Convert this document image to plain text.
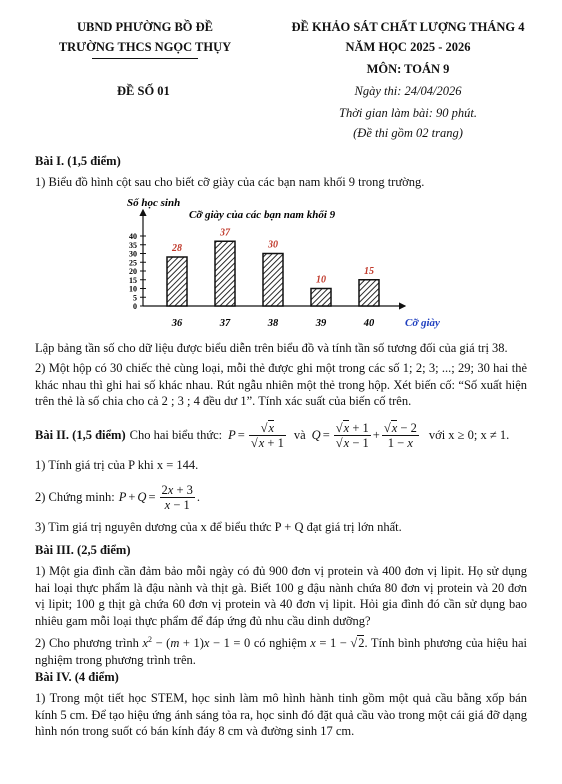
UBND PHƯỜNG BỒ ĐỀ
TRƯỜNG THCS NGỌC THỤY
ĐỀ KHẢO SÁT CHẤT LƯỢNG THÁNG 4
NĂM HỌC 2025 - 2026
MÔN: TOÁN 9
ĐỀ SỐ 01	Ngày thi: 24/04/2026
Thời gian làm bài: 90 phút.
(Đề thi gồm 02 trang)
Bài I. (1,5 điểm)
1) Biểu đồ hình cột sau cho biết cỡ giày của các bạn nam khối 9 trong trường.
Số học sinh
Cỡ giày của các bạn nam khối 9
Cỡ giày
0
5
10
15
20
25
30
35
40
28
36
37
37
30
38
10
39
15
40
Lập bảng tần số cho dữ liệu được biểu diễn trên biểu đồ và tính tần số tương đối của giá trị 38.
2) Một hộp có 30 chiếc thẻ cùng loại, mỗi thẻ được ghi một trong các số 1; 2; 3; ...; 29; 30 hai thẻ khác nhau thì ghi hai số khác nhau. Rút ngẫu nhiên một thẻ trong hộp. Xét biến cố: “Số xuất hiện trên thẻ là số chia cho cả 2 ; 3 ; 4 đều dư 1”. Tính xác suất của biến cố trên.
Bài II. (1,5 điểm) Cho hai biểu thức: $P = \frac{√x}{√x + 1}$ và $Q = \frac{√x + 1}{√x - 1} + \frac{√x - 2}{1 - x}$ với x ≥ 0; x ≠ 1.
1) Tính giá trị của P khi x = 144.
2) Chứng minh: $P + Q = \frac{2x + 3}{x - 1}$ .
3) Tìm giá trị nguyên dương của x để biểu thức P + Q đạt giá trị lớn nhất.
Bài III. (2,5 điểm)
1) Một gia đình cần đảm bảo mỗi ngày có đủ 900 đơn vị protein và 400 đơn vị lipit. Họ sử dụng hai loại thực phẩm là đậu nành và thịt gà. Biết 100 g đậu nành chứa 80 đơn vị protein và 20 đơn vị lipit; 100 g thịt gà chứa 60 đơn vị protein và 40 đơn vị lipit. Hỏi gia đình đó cần sử dụng bao nhiêu gam mỗi loại thực phẩm để đáp ứng đủ nhu cầu dinh dưỡng?
2) Cho phương trình $x^2 - (m + 1)x - 1 = 0$ có nghiệm x = 1 − √2. Tính bình phương của hiệu hai nghiệm trong phương trình trên.
Bài IV. (4 điểm)
1) Trong một tiết học STEM, học sinh làm mô hình hành tinh gồm một quả cầu bằng xốp bán kính 5 cm. Để tạo hiệu ứng ánh sáng tỏa ra, học sinh đó đặt quả cầu vào trong một cái giá đỡ dạng hình nón trong suốt có bán kính đáy 8 cm và đường sinh 17 cm.
